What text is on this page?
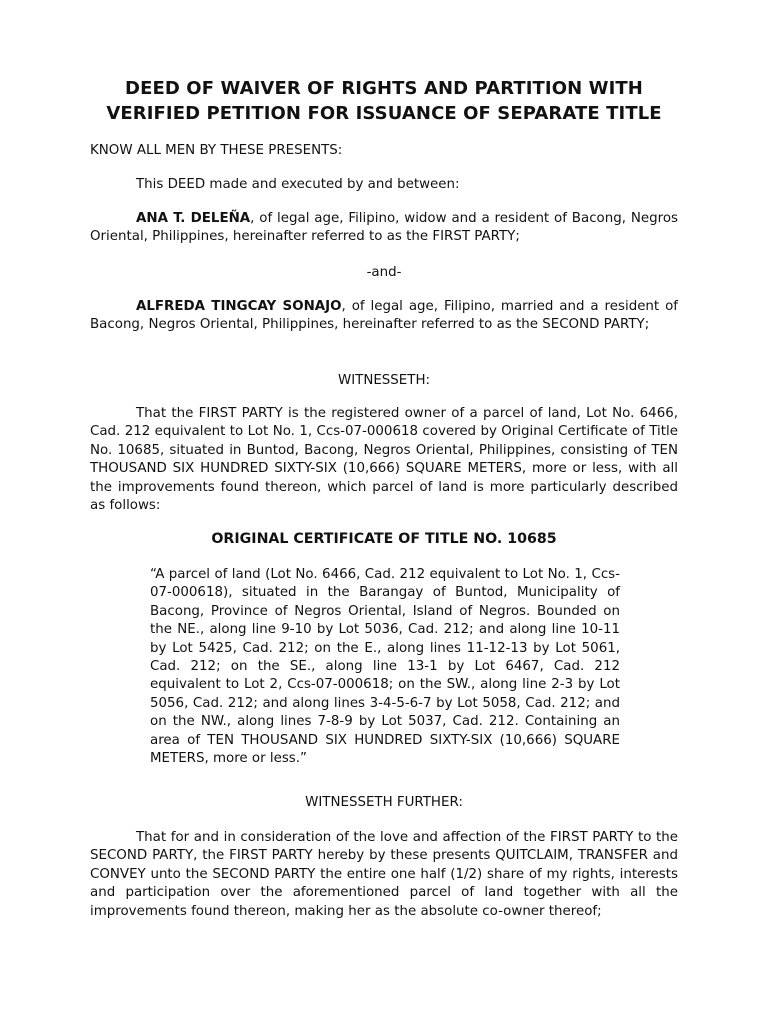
DEED OF WAIVER OF RIGHTS AND PARTITION WITH
VERIFIED PETITION FOR ISSUANCE OF SEPARATE TITLE

KNOW ALL MEN BY THESE PRESENTS:

This DEED made and executed by and between:

ANA T. DELEÑA, of legal age, Filipino, widow and a resident of Bacong, Negros Oriental, Philippines, hereinafter referred to as the FIRST PARTY;

-and-

ALFREDA TINGCAY SONAJO, of legal age, Filipino, married and a resident of Bacong, Negros Oriental, Philippines, hereinafter referred to as the SECOND PARTY;

WITNESSETH:

That the FIRST PARTY is the registered owner of a parcel of land, Lot No. 6466, Cad. 212 equivalent to Lot No. 1, Ccs-07-000618 covered by Original Certificate of Title No. 10685, situated in Buntod, Bacong, Negros Oriental, Philippines, consisting of TEN THOUSAND SIX HUNDRED SIXTY-SIX (10,666) SQUARE METERS, more or less, with all the improvements found thereon, which parcel of land is more particularly described as follows:

ORIGINAL CERTIFICATE OF TITLE NO. 10685

“A parcel of land (Lot No. 6466, Cad. 212 equivalent to Lot No. 1, Ccs-07-000618), situated in the Barangay of Buntod, Municipality of Bacong, Province of Negros Oriental, Island of Negros. Bounded on the NE., along line 9-10 by Lot 5036, Cad. 212; and along line 10-11 by Lot 5425, Cad. 212; on the E., along lines 11-12-13 by Lot 5061, Cad. 212; on the SE., along line 13-1 by Lot 6467, Cad. 212 equivalent to Lot 2, Ccs-07-000618; on the SW., along line 2-3 by Lot 5056, Cad. 212; and along lines 3-4-5-6-7 by Lot 5058, Cad. 212; and on the NW., along lines 7-8-9 by Lot 5037, Cad. 212. Containing an area of TEN THOUSAND SIX HUNDRED SIXTY-SIX (10,666) SQUARE METERS, more or less.”

WITNESSETH FURTHER:

That for and in consideration of the love and affection of the FIRST PARTY to the SECOND PARTY, the FIRST PARTY hereby by these presents QUITCLAIM, TRANSFER and CONVEY unto the SECOND PARTY the entire one half (1/2) share of my rights, interests and participation over the aforementioned parcel of land together with all the improvements found thereon, making her as the absolute co-owner thereof;
